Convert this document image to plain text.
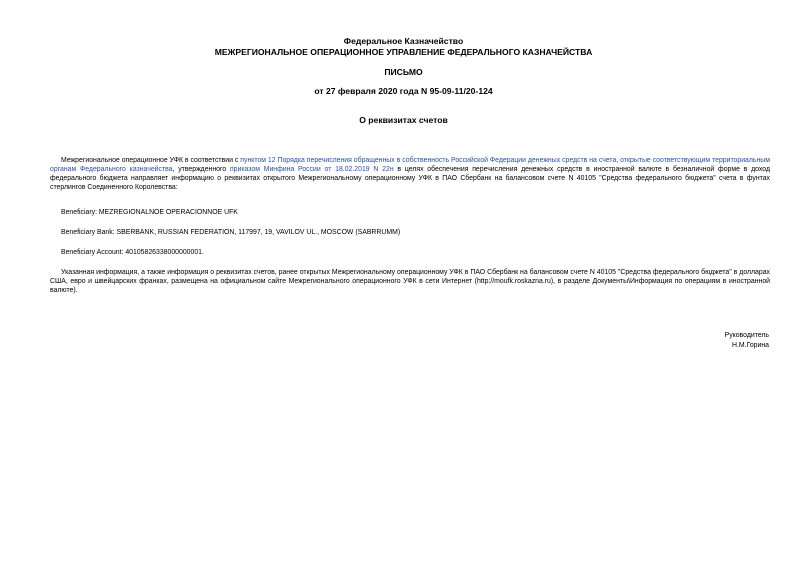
Федеральное Казначейство
МЕЖРЕГИОНАЛЬНОЕ ОПЕРАЦИОННОЕ УПРАВЛЕНИЕ ФЕДЕРАЛЬНОГО КАЗНАЧЕЙСТВА
ПИСЬМО
от 27 февраля 2020 года N 95-09-11/20-124
О реквизитах счетов

Межрегиональное операционное УФК в соответствии с пунктом 12 Порядка перечисления обращенных в собственность Российской Федерации денежных средств на счета, открытые соответствующим территориальным органам Федерального казначейства, утвержденного приказом Минфина России от 18.02.2019 N 22н в целях обеспечения перечисления денежных средств в иностранной валюте в безналичной форме в доход федерального бюджета направляет информацию о реквизитах открытого Межрегиональному операционному УФК в ПАО Сбербанк на балансовом счете N 40105 "Средства федерального бюджета" счета в фунтах стерлингов Соединенного Королевства:

Beneficiary: MEZREGIONALNOE OPERACIONNOE UFK
Beneficiary Bank: SBERBANK, RUSSIAN FEDERATION, 117997, 19, VAVILOV UL., MOSCOW (SABRRUMM)
Beneficiary Account: 40105826338000000001.

Указанная информация, а также информация о реквизитах счетов, ранее открытых Межрегиональному операционному УФК в ПАО Сбербанк на балансовом счете N 40105 "Средства федерального бюджета" в долларах США, евро и швейцарских франках, размещена на официальном сайте Межрегионального операционного УФК в сети Интернет (http://moufk.roskazna.ru), в разделе Документы\Информация по операциям в иностранной валюте).

Руководитель
Н.М.Горина
